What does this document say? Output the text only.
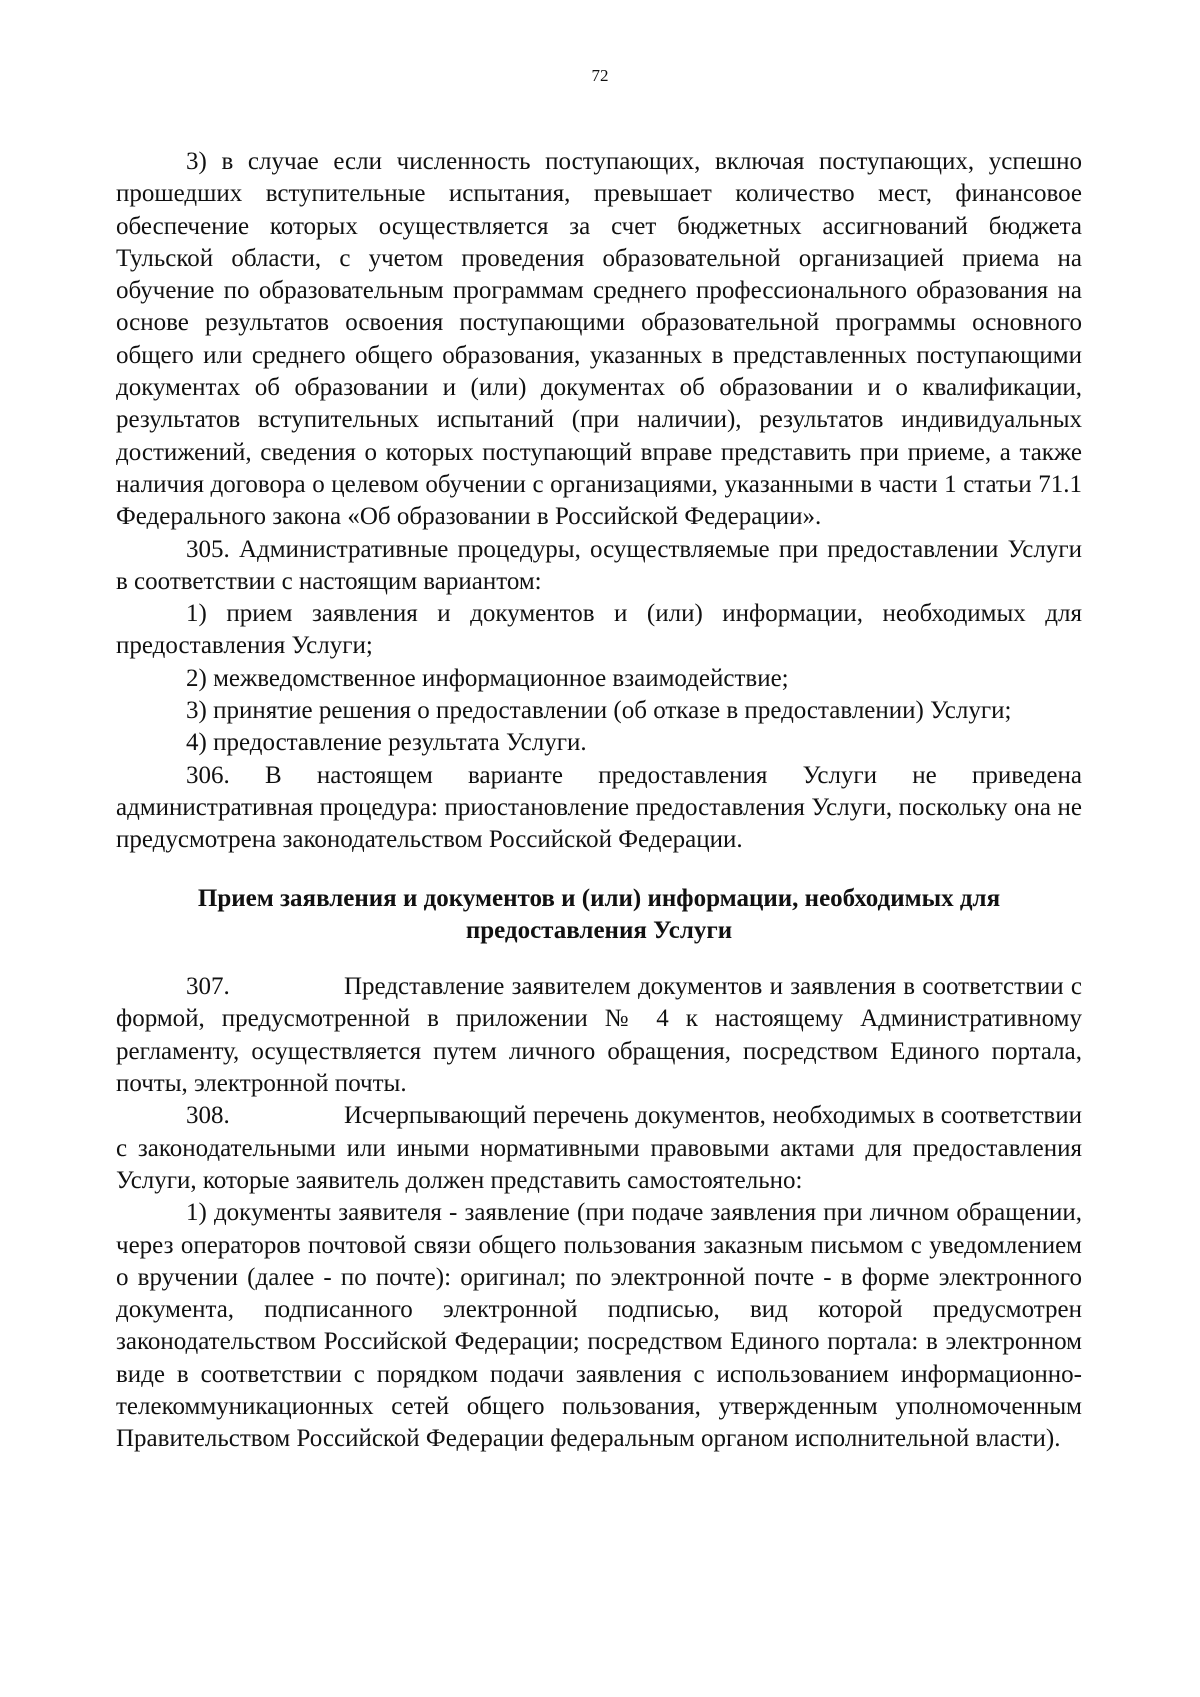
72

3) в случае если численность поступающих, включая поступающих, успешно прошедших вступительные испытания, превышает количество мест, финансовое обеспечение которых осуществляется за счет бюджетных ассигнований бюджета Тульской области, с учетом проведения образовательной организацией приема на обучение по образовательным программам среднего профессионального образования на основе результатов освоения поступающими образовательной программы основного общего или среднего общего образования, указанных в представленных поступающими документах об образовании и (или) документах об образовании и о квалификации, результатов вступительных испытаний (при наличии), результатов индивидуальных достижений, сведения о которых поступающий вправе представить при приеме, а также наличия договора о целевом обучении с организациями, указанными в части 1 статьи 71.1 Федерального закона «Об образовании в Российской Федерации».

305. Административные процедуры, осуществляемые при предоставлении Услуги в соответствии с настоящим вариантом:

1) прием заявления и документов и (или) информации, необходимых для предоставления Услуги;

2) межведомственное информационное взаимодействие;

3) принятие решения о предоставлении (об отказе в предоставлении) Услуги;

4) предоставление результата Услуги.

306. В настоящем варианте предоставления Услуги не приведена административная процедура: приостановление предоставления Услуги, поскольку она не предусмотрена законодательством Российской Федерации.

Прием заявления и документов и (или) информации, необходимых для предоставления Услуги

307.	Представление заявителем документов и заявления в соответствии с формой, предусмотренной в приложении № 4 к настоящему Административному регламенту, осуществляется путем личного обращения, посредством Единого портала, почты, электронной почты.

308.	Исчерпывающий перечень документов, необходимых в соответствии с законодательными или иными нормативными правовыми актами для предоставления Услуги, которые заявитель должен представить самостоятельно:

1) документы заявителя - заявление (при подаче заявления при личном обращении, через операторов почтовой связи общего пользования заказным письмом с уведомлением о вручении (далее - по почте): оригинал; по электронной почте - в форме электронного документа, подписанного электронной подписью, вид которой предусмотрен законодательством Российской Федерации; посредством Единого портала: в электронном виде в соответствии с порядком подачи заявления с использованием информационно-телекоммуникационных сетей общего пользования, утвержденным уполномоченным Правительством Российской Федерации федеральным органом исполнительной власти).
